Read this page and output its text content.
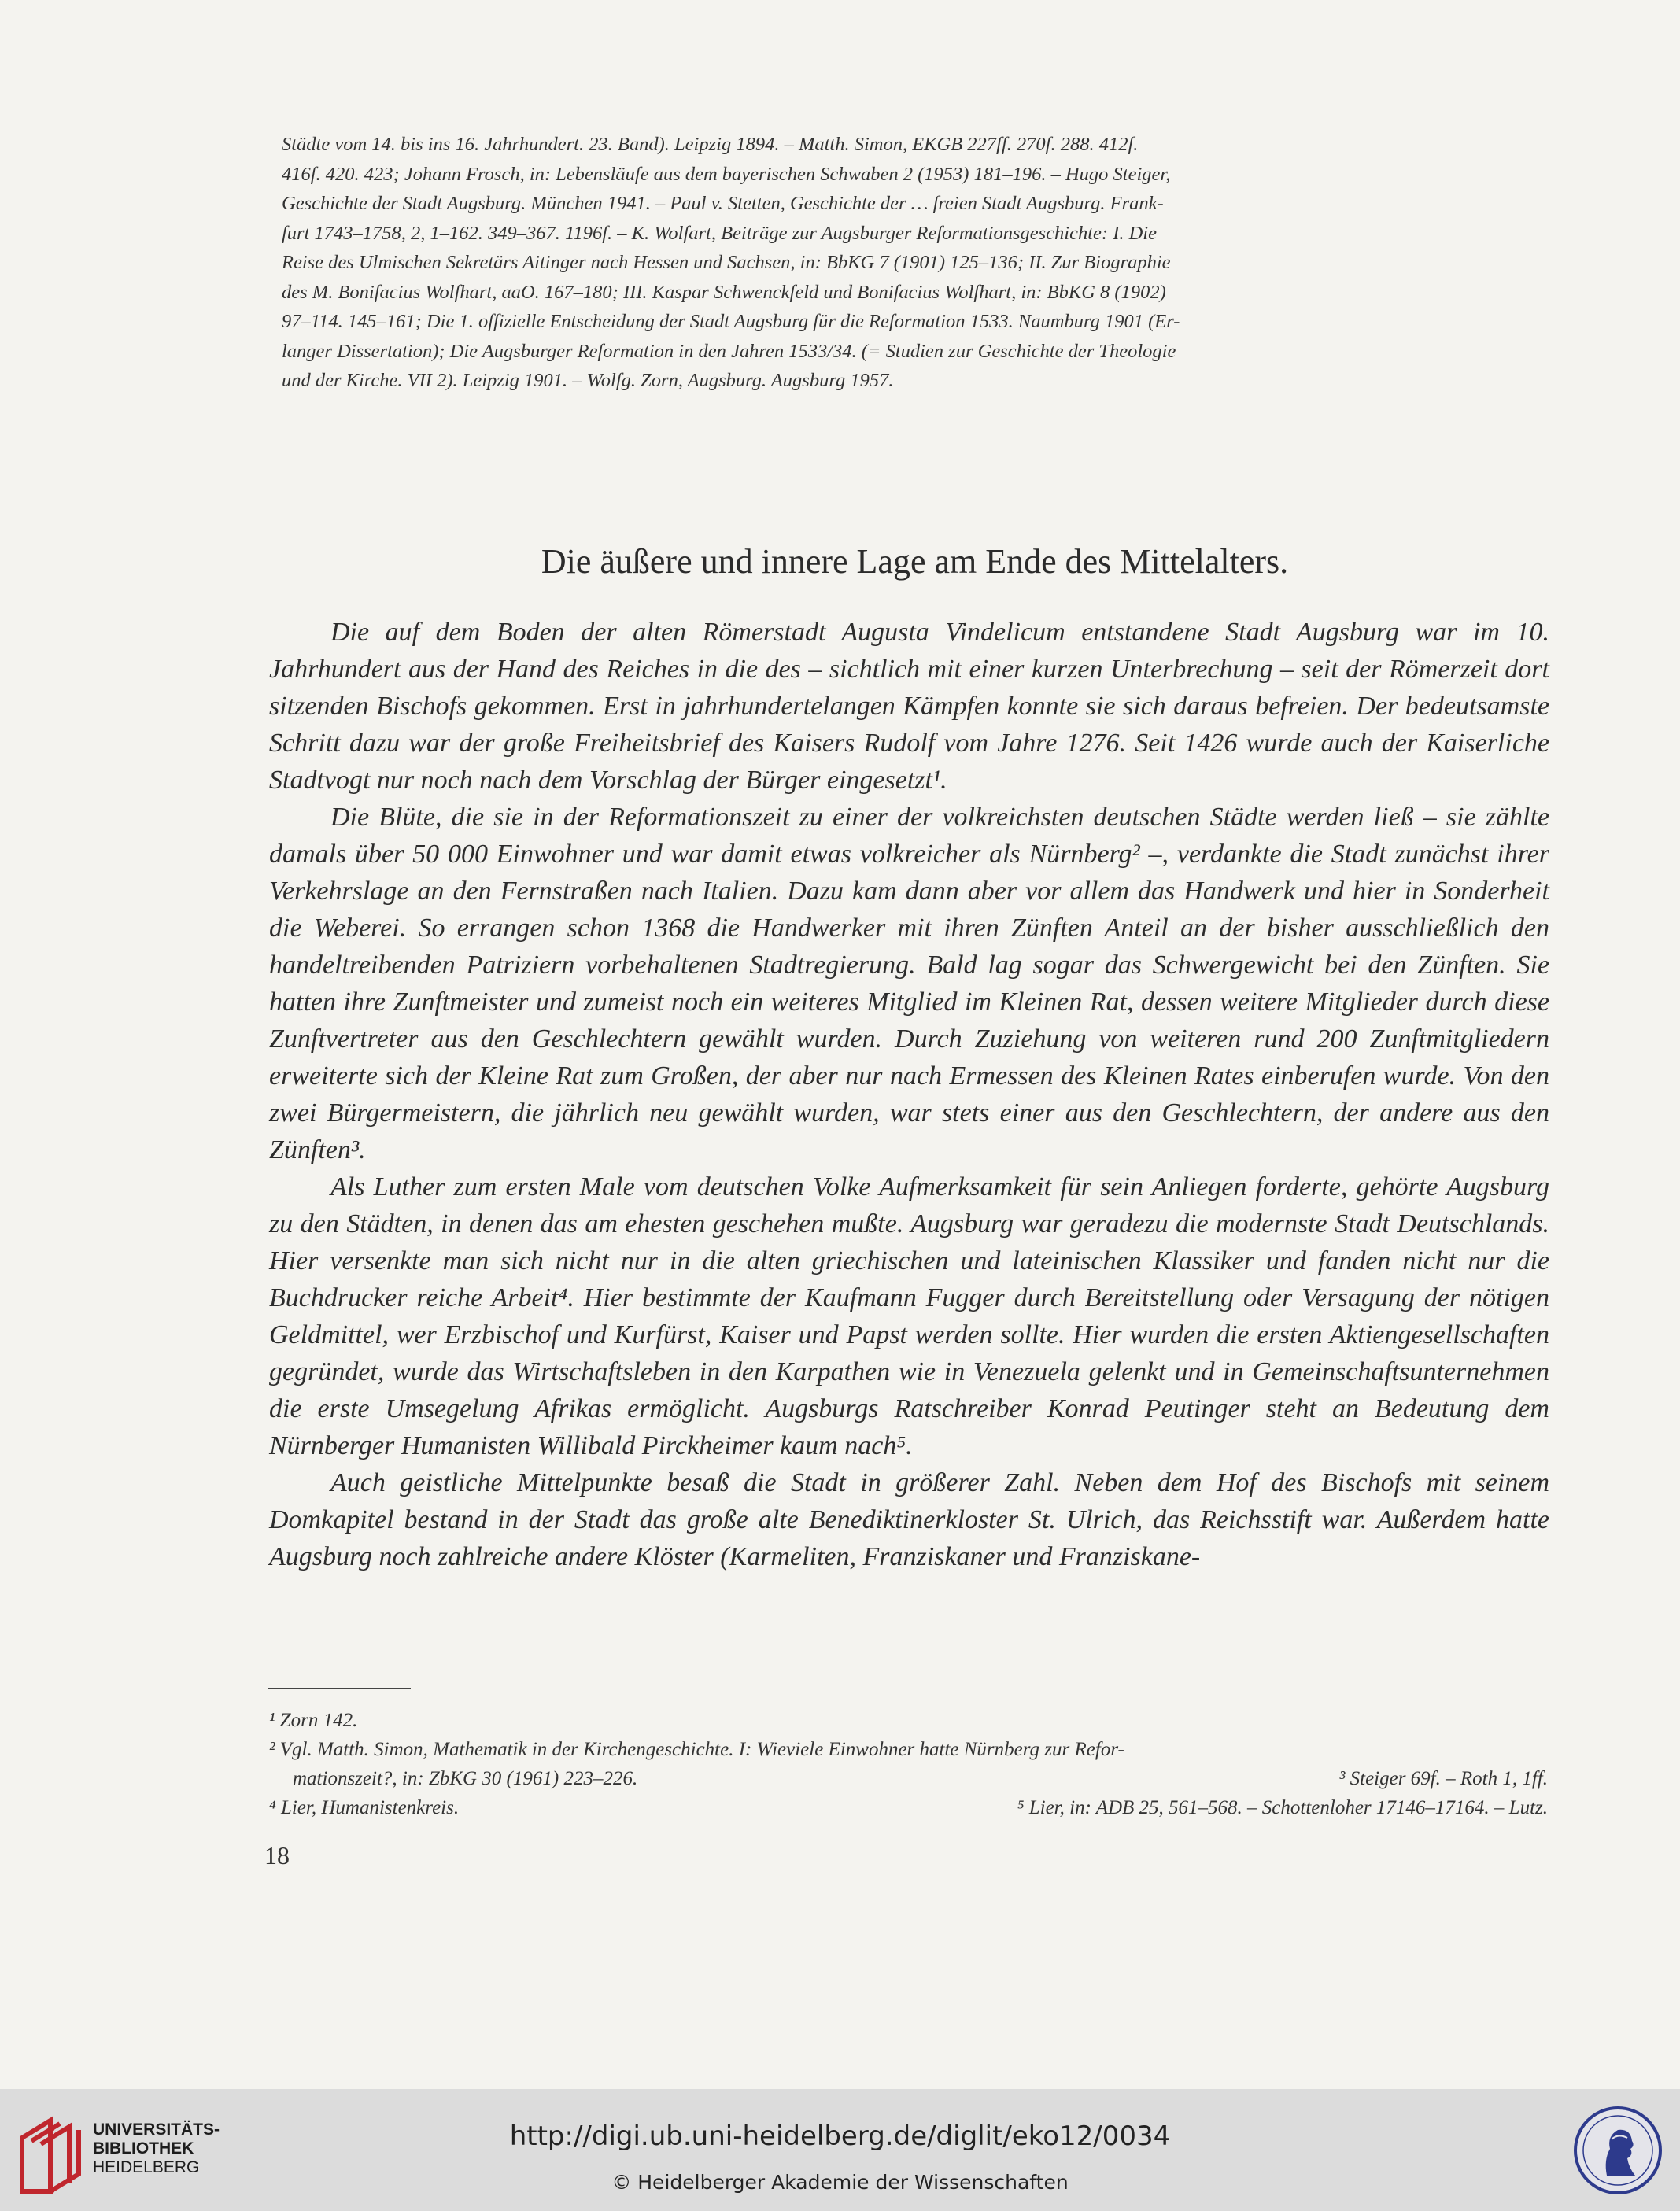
Städte vom 14. bis ins 16. Jahrhundert. 23. Band). Leipzig 1894. – Matth. Simon, EKGB 227ff. 270f. 288. 412f.

416f. 420. 423; Johann Frosch, in: Lebensläufe aus dem bayerischen Schwaben 2 (1953) 181–196. – Hugo Steiger,

Geschichte der Stadt Augsburg. München 1941. – Paul v. Stetten, Geschichte der … freien Stadt Augsburg. Frank-

furt 1743–1758, 2, 1–162. 349–367. 1196f. – K. Wolfart, Beiträge zur Augsburger Reformationsgeschichte: I. Die

Reise des Ulmischen Sekretärs Aitinger nach Hessen und Sachsen, in: BbKG 7 (1901) 125–136; II. Zur Biographie

des M. Bonifacius Wolfhart, aaO. 167–180; III. Kaspar Schwenckfeld und Bonifacius Wolfhart, in: BbKG 8 (1902)

97–114. 145–161; Die 1. offizielle Entscheidung der Stadt Augsburg für die Reformation 1533. Naumburg 1901 (Er-

langer Dissertation); Die Augsburger Reformation in den Jahren 1533/34. (= Studien zur Geschichte der Theologie

und der Kirche. VII 2). Leipzig 1901. – Wolfg. Zorn, Augsburg. Augsburg 1957.

Die äußere und innere Lage am Ende des Mittelalters.

Die auf dem Boden der alten Römerstadt Augusta Vindelicum entstandene Stadt Augsburg war im 10. Jahrhundert aus der Hand des Reiches in die des – sichtlich mit einer kurzen Unterbrechung – seit der Römerzeit dort sitzenden Bischofs gekommen. Erst in jahrhundertelangen Kämpfen konnte sie sich daraus befreien. Der bedeutsamste Schritt dazu war der große Freiheitsbrief des Kaisers Rudolf vom Jahre 1276. Seit 1426 wurde auch der Kaiserliche Stadtvogt nur noch nach dem Vorschlag der Bürger eingesetzt¹.

Die Blüte, die sie in der Reformationszeit zu einer der volkreichsten deutschen Städte werden ließ – sie zählte damals über 50 000 Einwohner und war damit etwas volkreicher als Nürnberg² –, verdankte die Stadt zunächst ihrer Verkehrslage an den Fernstraßen nach Italien. Dazu kam dann aber vor allem das Handwerk und hier in Sonderheit die Weberei. So errangen schon 1368 die Handwerker mit ihren Zünften Anteil an der bisher ausschließlich den handeltreibenden Patriziern vorbehaltenen Stadtregierung. Bald lag sogar das Schwergewicht bei den Zünften. Sie hatten ihre Zunftmeister und zumeist noch ein weiteres Mitglied im Kleinen Rat, dessen weitere Mitglieder durch diese Zunftvertreter aus den Geschlechtern gewählt wurden. Durch Zuziehung von weiteren rund 200 Zunftmitgliedern erweiterte sich der Kleine Rat zum Großen, der aber nur nach Ermessen des Kleinen Rates einberufen wurde. Von den zwei Bürgermeistern, die jährlich neu gewählt wurden, war stets einer aus den Geschlechtern, der andere aus den Zünften³.

Als Luther zum ersten Male vom deutschen Volke Aufmerksamkeit für sein Anliegen forderte, gehörte Augsburg zu den Städten, in denen das am ehesten geschehen mußte. Augsburg war geradezu die modernste Stadt Deutschlands. Hier versenkte man sich nicht nur in die alten griechischen und lateinischen Klassiker und fanden nicht nur die Buchdrucker reiche Arbeit⁴. Hier bestimmte der Kaufmann Fugger durch Bereitstellung oder Versagung der nötigen Geldmittel, wer Erzbischof und Kurfürst, Kaiser und Papst werden sollte. Hier wurden die ersten Aktiengesellschaften gegründet, wurde das Wirtschaftsleben in den Karpathen wie in Venezuela gelenkt und in Gemeinschaftsunternehmen die erste Umsegelung Afrikas ermöglicht. Augsburgs Ratschreiber Konrad Peutinger steht an Bedeutung dem Nürnberger Humanisten Willibald Pirckheimer kaum nach⁵.

Auch geistliche Mittelpunkte besaß die Stadt in größerer Zahl. Neben dem Hof des Bischofs mit seinem Domkapitel bestand in der Stadt das große alte Benediktinerkloster St. Ulrich, das Reichsstift war. Außerdem hatte Augsburg noch zahlreiche andere Klöster (Karmeliten, Franziskaner und Franziskane-

¹ Zorn 142.
² Vgl. Matth. Simon, Mathematik in der Kirchengeschichte. I: Wieviele Einwohner hatte Nürnberg zur Refor-
mationszeit?, in: ZbKG 30 (1961) 223–226.	³ Steiger 69f. – Roth 1, 1ff.
⁴ Lier, Humanistenkreis.	⁵ Lier, in: ADB 25, 561–568. – Schottenloher 17146–17164. – Lutz.
18
UNIVERSITÄTS-
BIBLIOTHEK
HEIDELBERG
http://digi.ub.uni-heidelberg.de/diglit/eko12/0034
© Heidelberger Akademie der Wissenschaften
